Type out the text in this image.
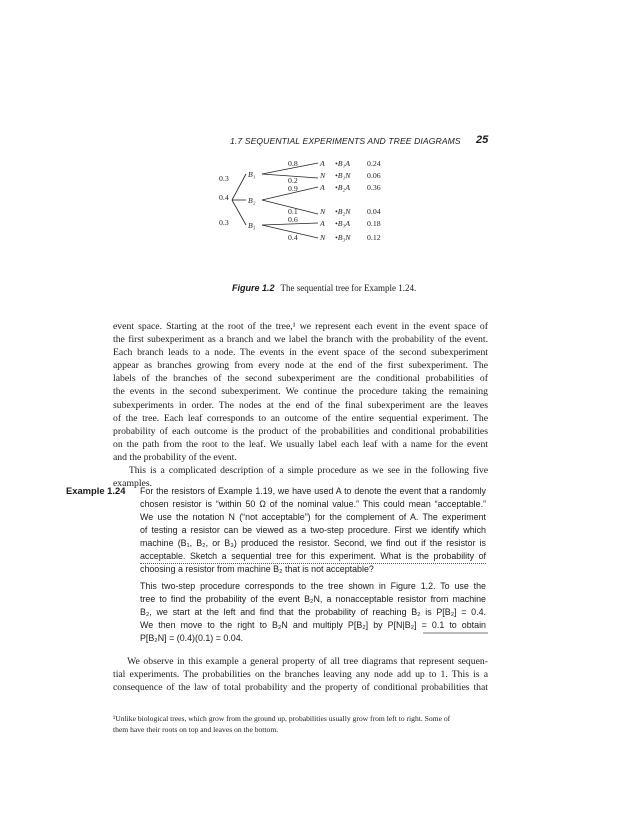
1.7 SEQUENTIAL EXPERIMENTS AND TREE DIAGRAMS 25
0.3
0.4
0.3
B₁
B₂
B₃
0.8
0.2
0.9
0.1
0.6
0.4
A
N
A
N
A
N
•B₁A
•B₁N
•B₂A
•B₂N
•B₃A
•B₃N
0.24
0.06
0.36
0.04
0.18
0.12
Figure 1.2 The sequential tree for Example 1.24.
event space. Starting at the root of the tree,¹ we represent each event in the event space of
the first subexperiment as a branch and we label the branch with the probability of the event.
Each branch leads to a node. The events in the event space of the second subexperiment
appear as branches growing from every node at the end of the first subexperiment. The
labels of the branches of the second subexperiment are the conditional probabilities of
the events in the second subexperiment. We continue the procedure taking the remaining
subexperiments in order. The nodes at the end of the final subexperiment are the leaves
of the tree. Each leaf corresponds to an outcome of the entire sequential experiment. The
probability of each outcome is the product of the probabilities and conditional probabilities
on the path from the root to the leaf. We usually label each leaf with a name for the event
and the probability of the event.
This is a complicated description of a simple procedure as we see in the following five
examples.
Example 1.24 For the resistors of Example 1.19, we have used A to denote the event that a randomly
chosen resistor is “within 50 Ω of the nominal value.” This could mean “acceptable.”
We use the notation N (“not acceptable”) for the complement of A. The experiment
of testing a resistor can be viewed as a two-step procedure. First we identify which
machine (B₁, B₂, or B₃) produced the resistor. Second, we find out if the resistor is
acceptable. Sketch a sequential tree for this experiment. What is the probability of
choosing a resistor from machine B₂ that is not acceptable?
This two-step procedure corresponds to the tree shown in Figure 1.2. To use the
tree to find the probability of the event B₂N, a nonacceptable resistor from machine
B₂, we start at the left and find that the probability of reaching B₂ is P[B₂] = 0.4.
We then move to the right to B₂N and multiply P[B₂] by P[N|B₂] = 0.1 to obtain
P[B₂N] = (0.4)(0.1) = 0.04.
We observe in this example a general property of all tree diagrams that represent sequen-
tial experiments. The probabilities on the branches leaving any node add up to 1. This is a
consequence of the law of total probability and the property of conditional probabilities that
¹Unlike biological trees, which grow from the ground up, probabilities usually grow from left to right. Some of
them have their roots on top and leaves on the bottom.
